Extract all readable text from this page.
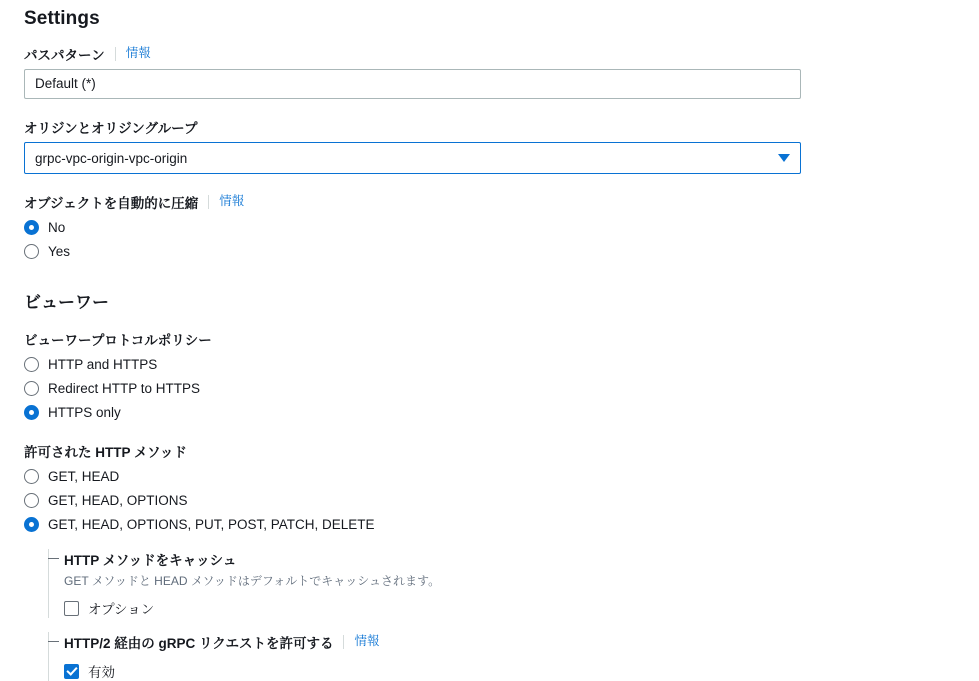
Settings
パスパターン	情報
Default (*)
オリジンとオリジングループ
grpc-vpc-origin-vpc-origin
オブジェクトを自動的に圧縮	情報
No
Yes
ビューワー
ビューワープロトコルポリシー
HTTP and HTTPS
Redirect HTTP to HTTPS
HTTPS only
許可された HTTP メソッド
GET, HEAD
GET, HEAD, OPTIONS
GET, HEAD, OPTIONS, PUT, POST, PATCH, DELETE
HTTP メソッドをキャッシュ
GET メソッドと HEAD メソッドはデフォルトでキャッシュされます。
オプション
HTTP/2 経由の gRPC リクエストを許可する	情報
有効
